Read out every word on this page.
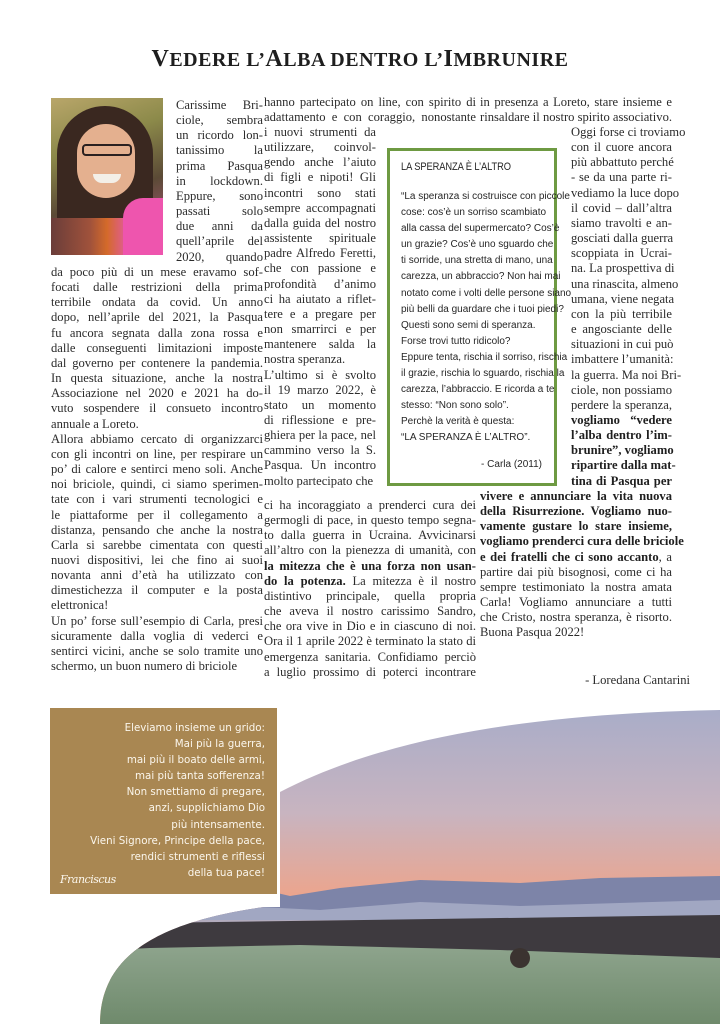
VEDERE L’ALBA DENTRO L’IMBRUNIRE
Carissime Bri-
ciole, sembra
un ricordo lon-
tanissimo la
prima Pasqua
in lockdown.
Eppure, sono
passati solo
due anni da
quell’aprile del
2020, quando
da poco più di un mese eravamo sof-
focati dalle restrizioni della prima
terribile ondata da covid. Un anno
dopo, nell’aprile del 2021, la Pasqua
fu ancora segnata dalla zona rossa e
dalle conseguenti limitazioni imposte
dal governo per contenere la pandemia.
In questa situazione, anche la nostra
Associazione nel 2020 e 2021 ha do-
vuto sospendere il consueto incontro
annuale a Loreto.
Allora abbiamo cercato di organizzarci
con gli incontri on line, per respirare un
po’ di calore e sentirci meno soli. Anche
noi briciole, quindi, ci siamo sperimen-
tate con i vari strumenti tecnologici e
le piattaforme per il collegamento a
distanza, pensando che anche la nostra
Carla si sarebbe cimentata con questi
nuovi dispositivi, lei che fino ai suoi
novanta anni d’età ha utilizzato con
dimestichezza il computer e la posta
elettronica!
Un po’ forse sull’esempio di Carla, presi
sicuramente dalla voglia di vederci e
sentirci vicini, anche se solo tramite uno
schermo, un buon numero di briciole
hanno partecipato on line, con spirito di
adattamento e con coraggio, nonostante
i nuovi strumenti da
utilizzare, coinvol-
gendo anche l’aiuto
di figli e nipoti! Gli
incontri sono stati
sempre accompagnati
dalla guida del nostro
assistente spirituale
padre Alfredo Feretti,
che con passione e
profondità d’animo
ci ha aiutato a riflet-
tere e a pregare per
non smarrirci e per
mantenere salda la
nostra speranza.
L’ultimo si è svolto
il 19 marzo 2022, è
stato un momento
di riflessione e pre-
ghiera per la pace, nel
cammino verso la S.
Pasqua. Un incontro
molto partecipato che
ci ha incoraggiato a prenderci cura dei
germogli di pace, in questo tempo segna-
to dalla guerra in Ucraina. Avvicinarsi
all’altro con la pienezza di umanità, con
la mitezza che è una forza non usan-
do la potenza. La mitezza è il nostro
distintivo principale, quella propria
che aveva il nostro carissimo Sandro,
che ora vive in Dio e in ciascuno di noi.
Ora il 1 aprile 2022 è terminato la stato di
emergenza sanitaria. Confidiamo perciò
a luglio prossimo di poterci incontrare
in presenza a Loreto, stare insieme e
rinsaldare il nostro spirito associativo.
Oggi forse ci troviamo
con il cuore ancora
più abbattuto perché
- se da una parte ri-
vediamo la luce dopo
il covid – dall’altra
siamo travolti e an-
gosciati dalla guerra
scoppiata in Ucrai-
na. La prospettiva di
una rinascita, almeno
umana, viene negata
con la più terribile
e angosciante delle
situazioni in cui può
imbattere l’umanità:
la guerra. Ma noi Bri-
ciole, non possiamo
perdere la speranza,
vogliamo “vedere
l’alba dentro l’im-
brunire”, vogliamo
ripartire dalla mat-
tina di Pasqua per
vivere e annunciare la vita nuova
della Risurrezione. Vogliamo nuo-
vamente gustare lo stare insieme,
vogliamo prenderci cura delle briciole
e dei fratelli che ci sono accanto, a
partire dai più bisognosi, come ci ha
sempre testimoniato la nostra amata
Carla! Vogliamo annunciare a tutti
che Cristo, nostra speranza, è risorto.
Buona Pasqua 2022!
- Loredana Cantarini
LA SPERANZA È L’ALTRO
“La speranza si costruisce con piccole
cose: cos’è un sorriso scambiato
alla cassa del supermercato? Cos’è
un grazie? Cos’è uno sguardo che
ti sorride, una stretta di mano, una
carezza, un abbraccio? Non hai mai
notato come i volti delle persone siano
più belli da guardare che i tuoi piedi?
Questi sono semi di speranza.
Forse trovi tutto ridicolo?
Eppure tenta, rischia il sorriso, rischia
il grazie, rischia lo sguardo, rischia la
carezza, l’abbraccio. E ricorda a te
stesso: “Non sono solo”.
Perchè la verità è questa:
“LA SPERANZA È L’ALTRO”.
- Carla (2011)
Eleviamo insieme un grido:
Mai più la guerra,
mai più il boato delle armi,
mai più tanta sofferenza!
Non smettiamo di pregare,
anzi, supplichiamo Dio
più intensamente.
Vieni Signore, Principe della pace,
rendici strumenti e riflessi
della tua pace!
Franciscus
